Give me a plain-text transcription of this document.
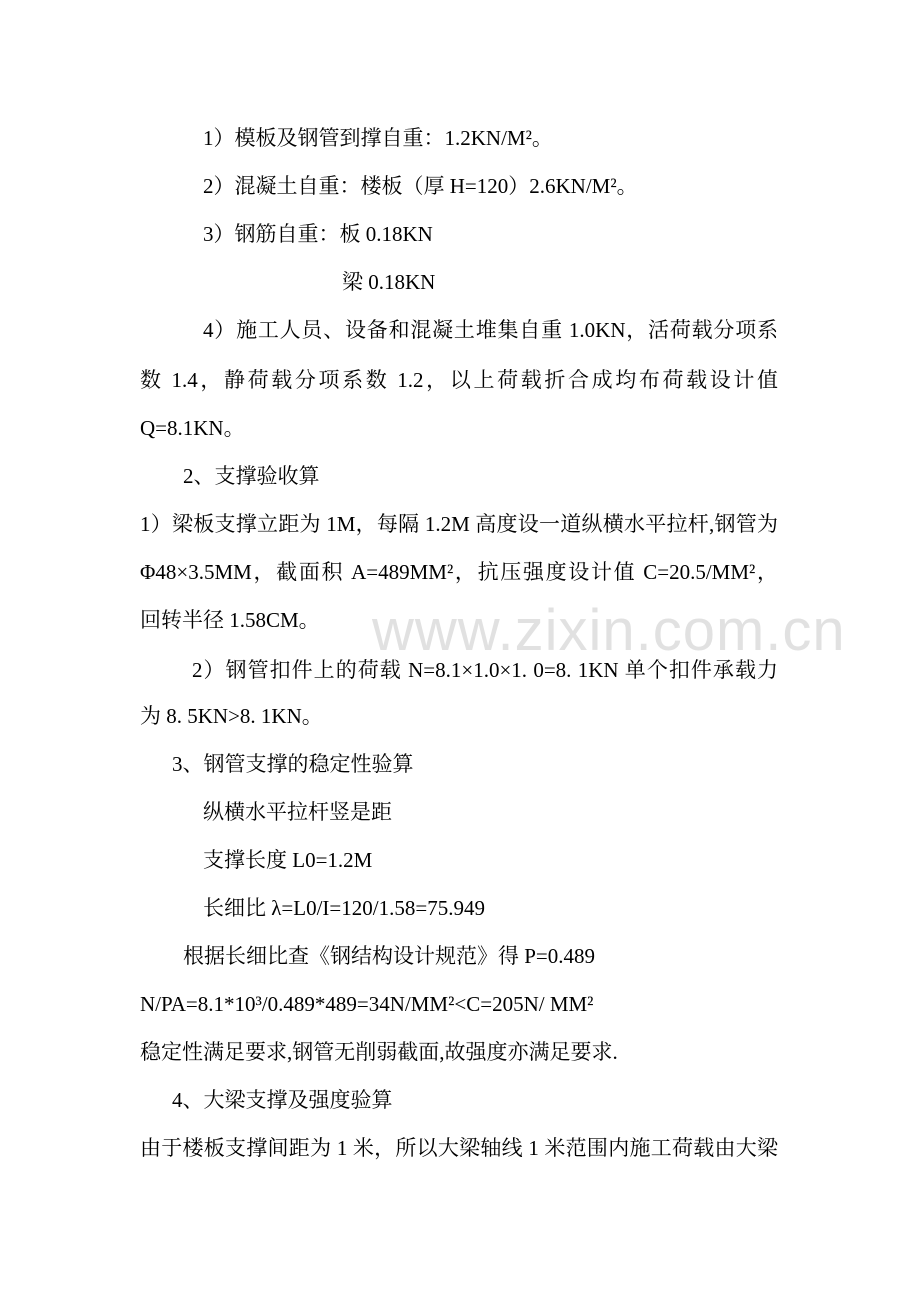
1）模板及钢管到撑自重：1.2KN/M²。
2）混凝土自重：楼板（厚 H=120）2.6KN/M²。
3）钢筋自重：板 0.18KN
梁 0.18KN
4）施工人员、设备和混凝土堆集自重 1.0KN，活荷载分项系
数 1.4，静荷载分项系数 1.2，以上荷载折合成均布荷载设计值
Q=8.1KN。
2、支撑验收算
1）梁板支撑立距为 1M，每隔 1.2M 高度设一道纵横水平拉杆,钢管为
Φ48×3.5MM，截面积 A=489MM²，抗压强度设计值 C=20.5/MM²，
回转半径 1.58CM。
2）钢管扣件上的荷载 N=8.1×1.0×1. 0=8. 1KN 单个扣件承载力
为 8. 5KN>8. 1KN。
3、钢管支撑的稳定性验算
纵横水平拉杆竖是距
支撑长度 L0=1.2M
长细比 λ=L0/I=120/1.58=75.949
根据长细比查《钢结构设计规范》得 P=0.489
N/PA=8.1*10³/0.489*489=34N/MM²<C=205N/ MM²
稳定性满足要求,钢管无削弱截面,故强度亦满足要求.
4、大梁支撑及强度验算
由于楼板支撑间距为 1 米，所以大梁轴线 1 米范围内施工荷载由大梁
www.zixin.com.cn
